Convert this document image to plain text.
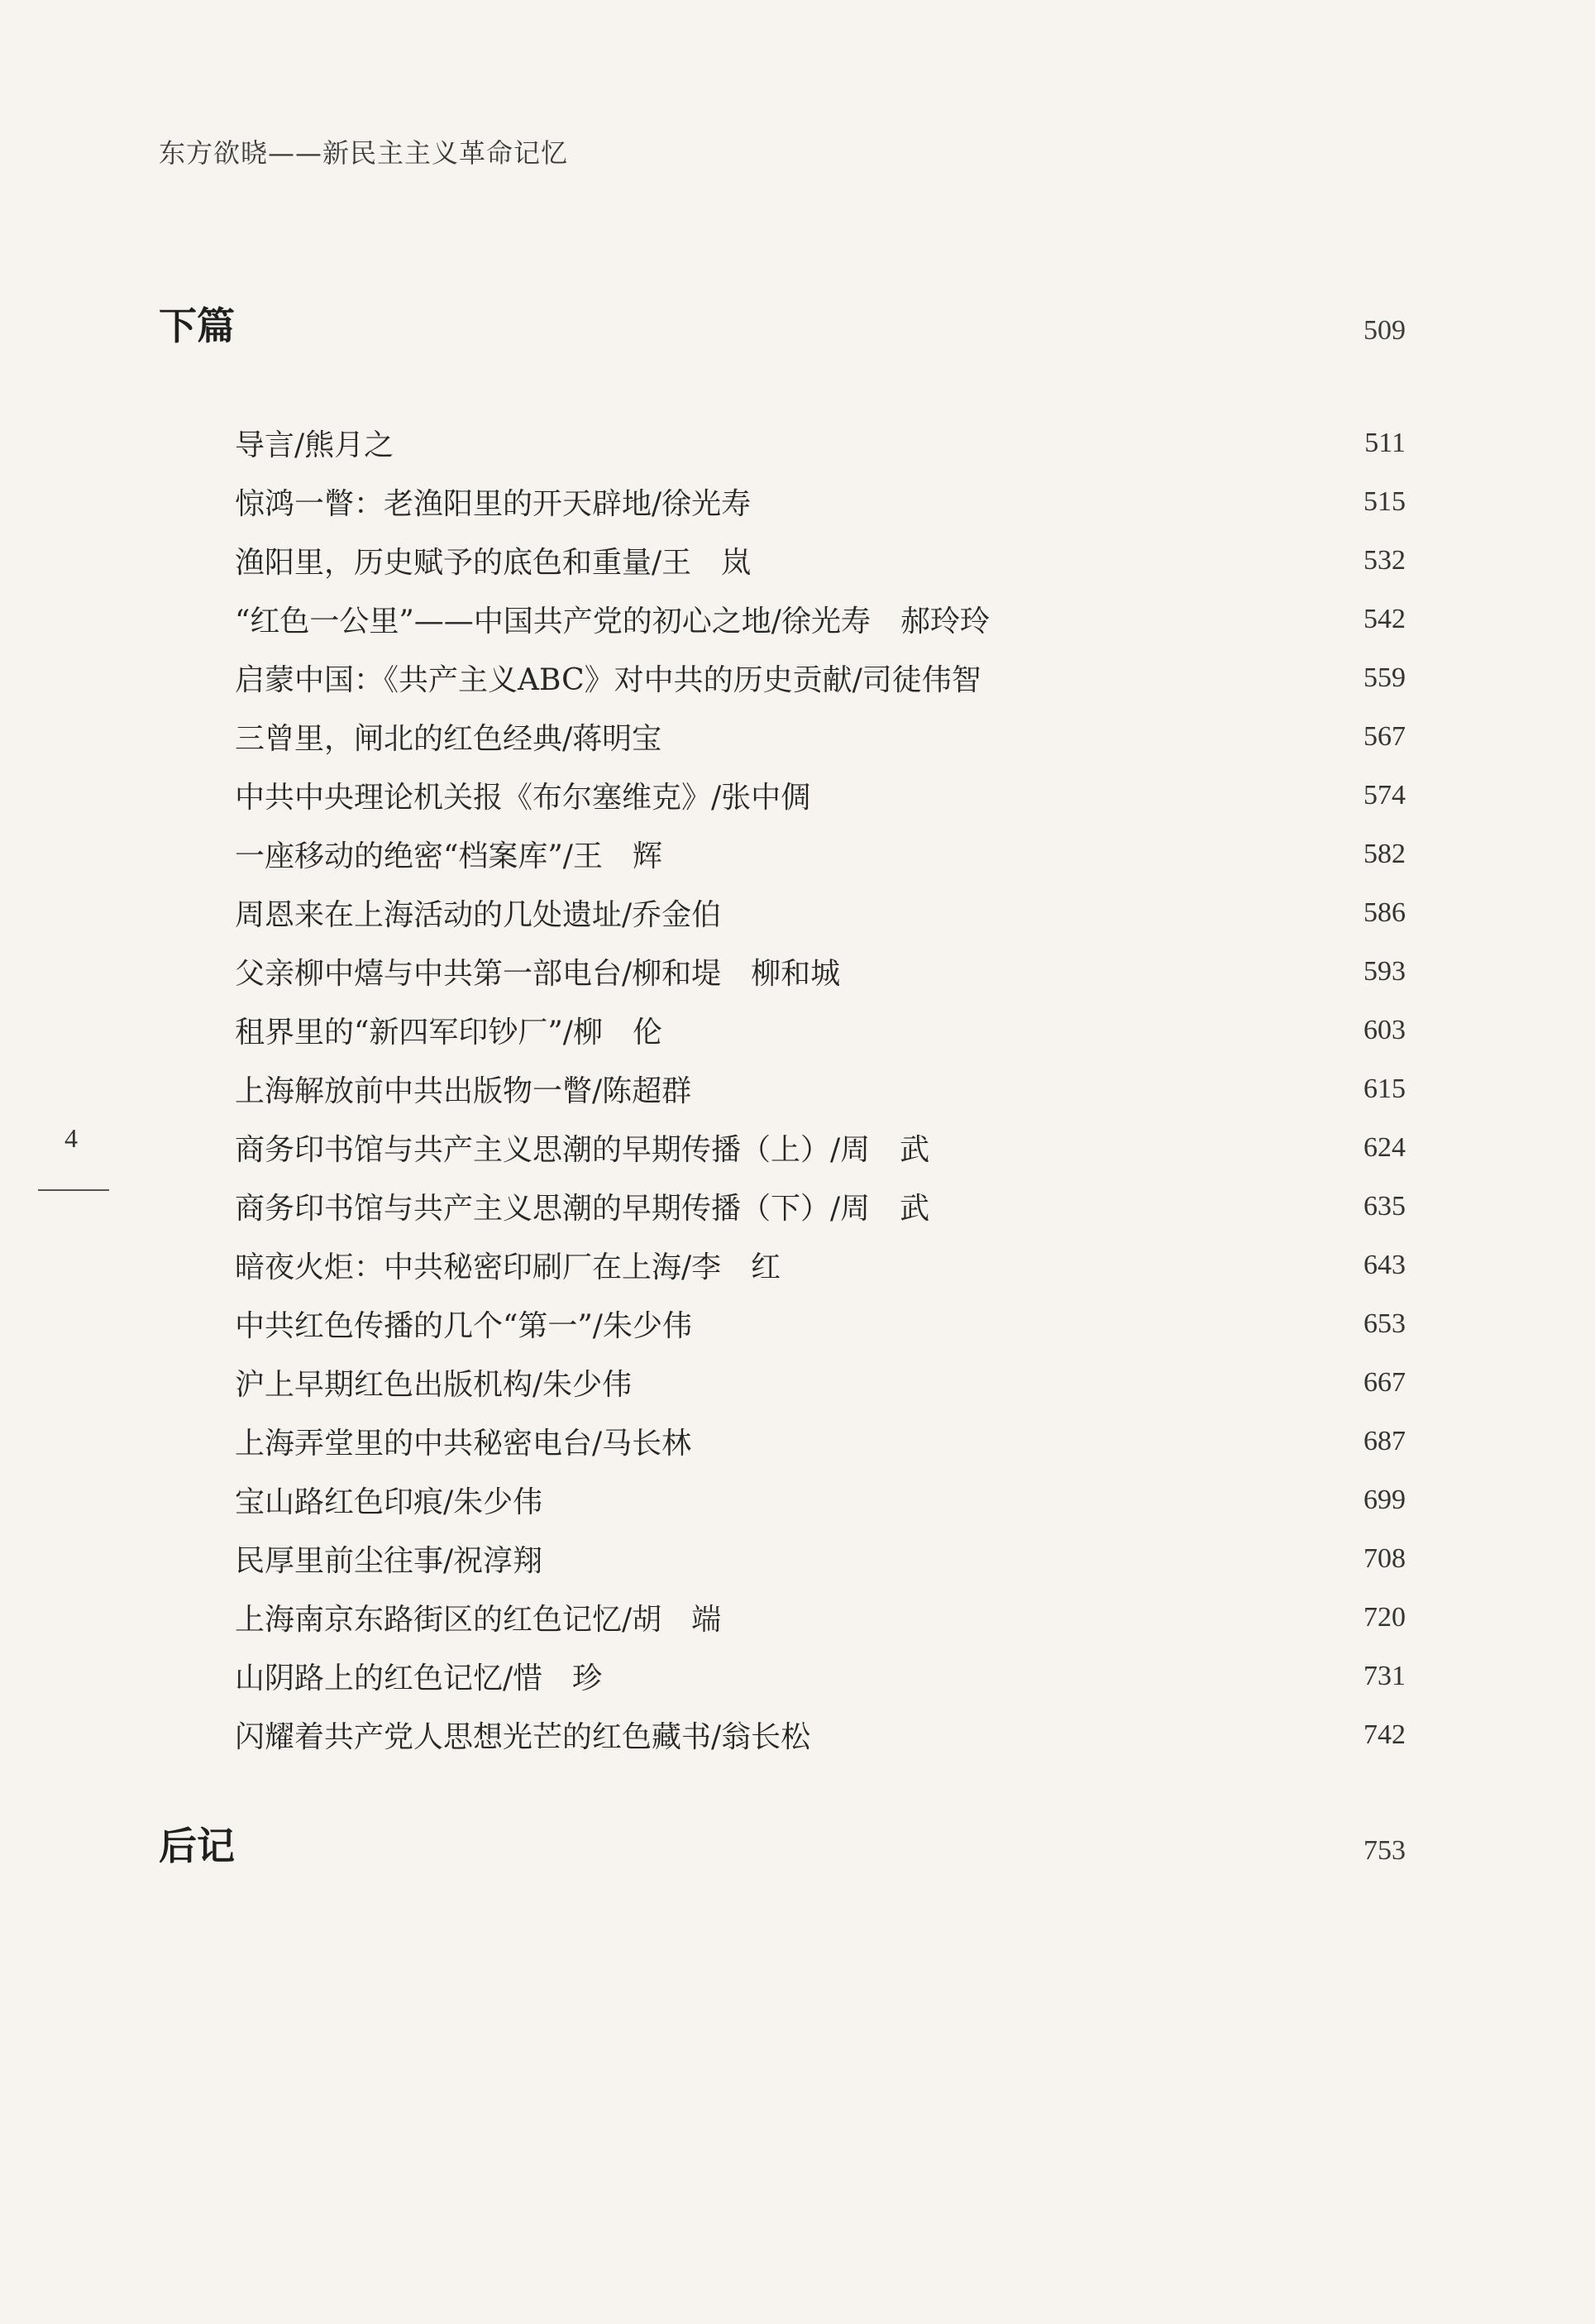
东方欲晓——新民主主义革命记忆
下篇	509
导言/熊月之	511
惊鸿一瞥：老渔阳里的开天辟地/徐光寿	515
渔阳里，历史赋予的底色和重量/王　岚	532
“红色一公里”——中国共产党的初心之地/徐光寿　郝玲玲	542
启蒙中国：《共产主义ABC》对中共的历史贡献/司徒伟智	559
三曾里，闸北的红色经典/蒋明宝	567
中共中央理论机关报《布尔塞维克》/张中倜	574
一座移动的绝密“档案库”/王　辉	582
周恩来在上海活动的几处遗址/乔金伯	586
父亲柳中熺与中共第一部电台/柳和堤　柳和城	593
租界里的“新四军印钞厂”/柳　伦	603
上海解放前中共出版物一瞥/陈超群	615
商务印书馆与共产主义思潮的早期传播（上）/周　武	624
商务印书馆与共产主义思潮的早期传播（下）/周　武	635
暗夜火炬：中共秘密印刷厂在上海/李　红	643
中共红色传播的几个“第一”/朱少伟	653
沪上早期红色出版机构/朱少伟	667
上海弄堂里的中共秘密电台/马长林	687
宝山路红色印痕/朱少伟	699
民厚里前尘往事/祝淳翔	708
上海南京东路街区的红色记忆/胡　端	720
山阴路上的红色记忆/惜　珍	731
闪耀着共产党人思想光芒的红色藏书/翁长松	742
后记	753
4
